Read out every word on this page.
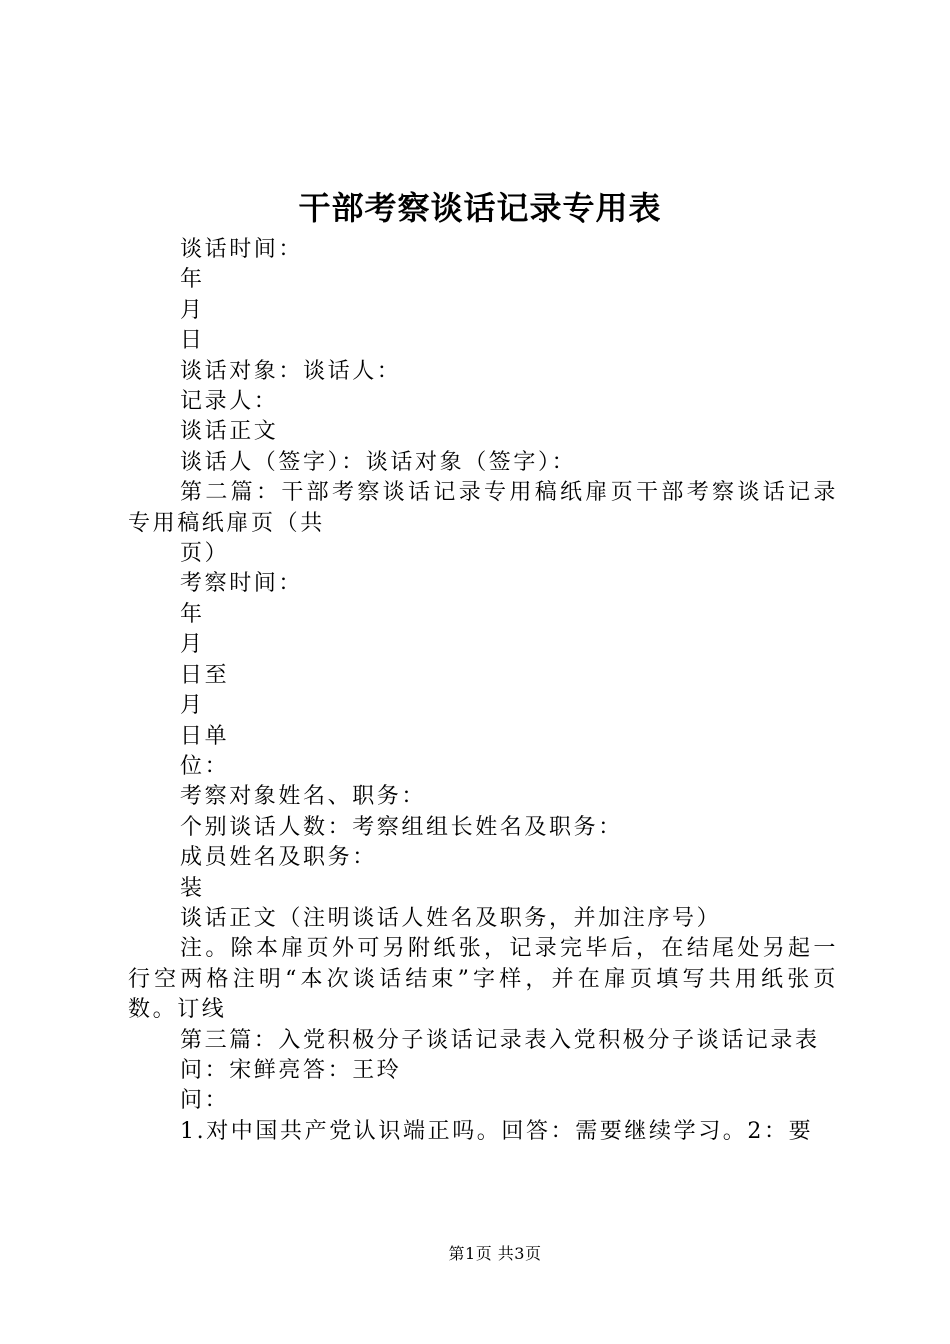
干部考察谈话记录专用表
谈话时间：
年
月
日
谈话对象：谈话人：
记录人：
谈话正文
谈话人（签字）：谈话对象（签字）：
第二篇：干部考察谈话记录专用稿纸扉页干部考察谈话记录专用稿纸扉页（共
页）
考察时间：
年
月
日至
月
日单
位：
考察对象姓名、职务：
个别谈话人数：考察组组长姓名及职务：
成员姓名及职务：
装
谈话正文（注明谈话人姓名及职务，并加注序号）
注。除本扉页外可另附纸张，记录完毕后，在结尾处另起一行空两格注明“本次谈话结束”字样，并在扉页填写共用纸张页数。订线
第三篇：入党积极分子谈话记录表入党积极分子谈话记录表
问：宋鲜亮答：王玲
问：
1.对中国共产党认识端正吗。回答：需要继续学习。2：要
第1页 共3页
